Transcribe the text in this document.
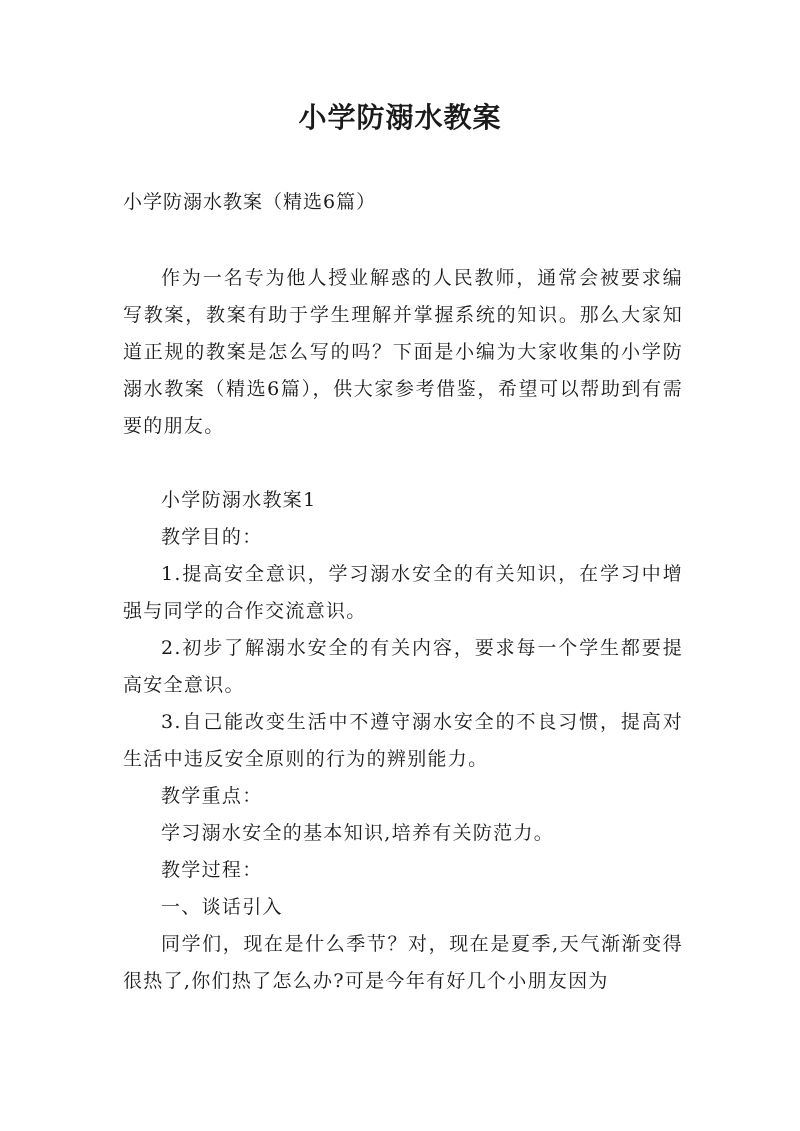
小学防溺水教案
小学防溺水教案（精选6篇）

作为一名专为他人授业解惑的人民教师，通常会被要求编写教案，教案有助于学生理解并掌握系统的知识。那么大家知道正规的教案是怎么写的吗？下面是小编为大家收集的小学防溺水教案（精选6篇），供大家参考借鉴，希望可以帮助到有需要的朋友。

小学防溺水教案1

教学目的：

1.提高安全意识，学习溺水安全的有关知识，在学习中增强与同学的合作交流意识。

2.初步了解溺水安全的有关内容，要求每一个学生都要提高安全意识。

3.自己能改变生活中不遵守溺水安全的不良习惯，提高对生活中违反安全原则的行为的辨别能力。

教学重点：

学习溺水安全的基本知识,培养有关防范力。

教学过程：

一、谈话引入

同学们，现在是什么季节？对，现在是夏季,天气渐渐变得很热了,你们热了怎么办?可是今年有好几个小朋友因为
